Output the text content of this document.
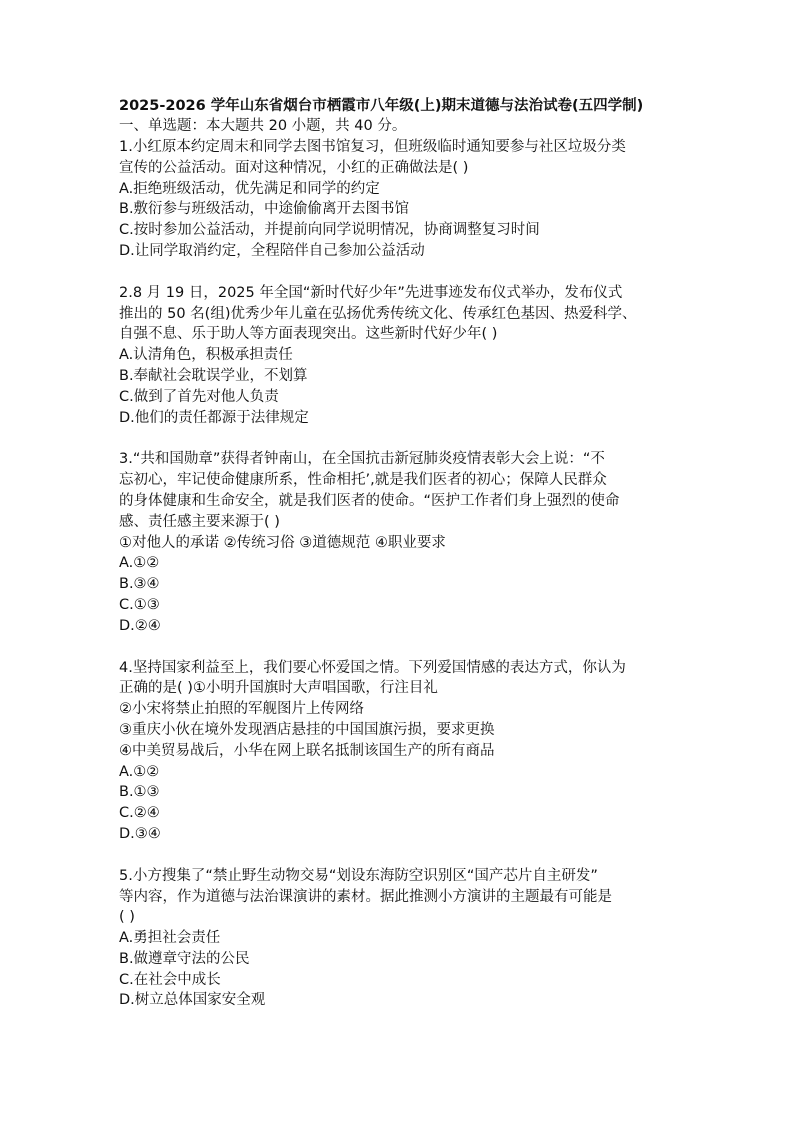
2025-2026 学年山东省烟台市栖霞市八年级(上)期末道德与法治试卷(五四学制)
一、单选题：本大题共 20 小题，共 40 分。
1.小红原本约定周末和同学去图书馆复习，但班级临时通知要参与社区垃圾分类
宣传的公益活动。面对这种情况，小红的正确做法是( )
A.拒绝班级活动，优先满足和同学的约定
B.敷衍参与班级活动，中途偷偷离开去图书馆
C.按时参加公益活动，并提前向同学说明情况，协商调整复习时间
D.让同学取消约定，全程陪伴自己参加公益活动
2.8 月 19 日，2025 年全国“新时代好少年”先进事迹发布仪式举办，发布仪式
推出的 50 名(组)优秀少年儿童在弘扬优秀传统文化、传承红色基因、热爱科学、
自强不息、乐于助人等方面表现突出。这些新时代好少年( )
A.认清角色，积极承担责任
B.奉献社会耽误学业，不划算
C.做到了首先对他人负责
D.他们的责任都源于法律规定
3.“共和国勋章”获得者钟南山，在全国抗击新冠肺炎疫情表彰大会上说：“不
忘初心，牢记使命健康所系，性命相托’,就是我们医者的初心；保障人民群众
的身体健康和生命安全，就是我们医者的使命。“医护工作者们身上强烈的使命
感、责任感主要来源于( )
①对他人的承诺 ②传统习俗 ③道德规范 ④职业要求
A.①②
B.③④
C.①③
D.②④
4.坚持国家利益至上，我们要心怀爱国之情。下列爱国情感的表达方式，你认为
正确的是( )①小明升国旗时大声唱国歌，行注目礼
②小宋将禁止拍照的军舰图片上传网络
③重庆小伙在境外发现酒店悬挂的中国国旗污损，要求更换
④中美贸易战后，小华在网上联名抵制该国生产的所有商品
A.①②
B.①③
C.②④
D.③④
5.小方搜集了“禁止野生动物交易“划设东海防空识别区“国产芯片自主研发”
等内容，作为道德与法治课演讲的素材。据此推测小方演讲的主题最有可能是
( )
A.勇担社会责任
B.做遵章守法的公民
C.在社会中成长
D.树立总体国家安全观
